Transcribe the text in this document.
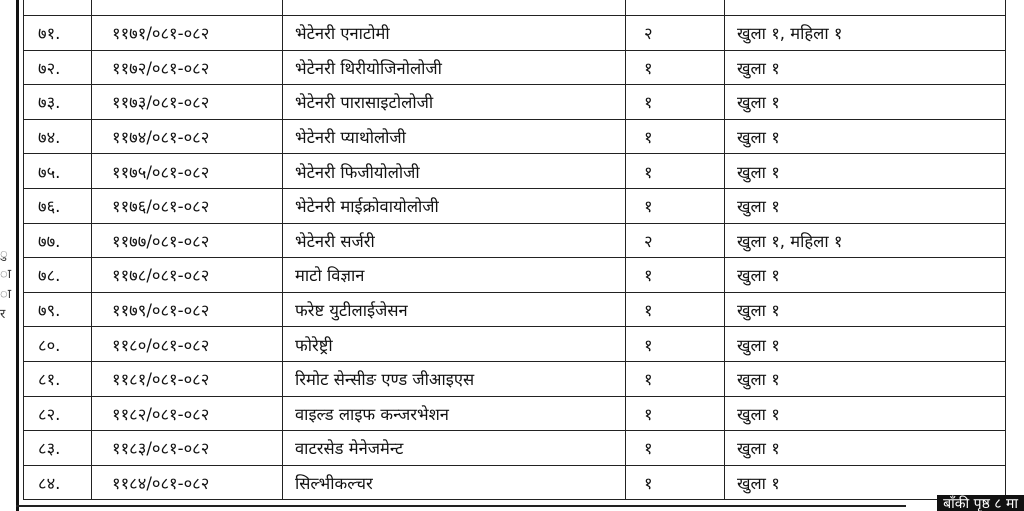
ु
ा
ा
र

७१.	११७१/०८१-०८२	भेटेनरी एनाटोमी	२	खुला १, महिला १
७२.	११७२/०८१-०८२	भेटेनरी थिरीयोजिनोलोजी	१	खुला १
७३.	११७३/०८१-०८२	भेटेनरी पारासाइटोलोजी	१	खुला १
७४.	११७४/०८१-०८२	भेटेनरी प्याथोलोजी	१	खुला १
७५.	११७५/०८१-०८२	भेटेनरी फिजीयोलोजी	१	खुला १
७६.	११७६/०८१-०८२	भेटेनरी माईक्रोवायोलोजी	१	खुला १
७७.	११७७/०८१-०८२	भेटेनरी सर्जरी	२	खुला १, महिला १
७८.	११७८/०८१-०८२	माटो विज्ञान	१	खुला १
७९.	११७९/०८१-०८२	फरेष्ट युटीलाईजेसन	१	खुला १
८०.	११८०/०८१-०८२	फोरेष्ट्री	१	खुला १
८१.	११८१/०८१-०८२	रिमोट सेन्सीङ एण्ड जीआइएस	१	खुला १
८२.	११८२/०८१-०८२	वाइल्ड लाइफ कन्जरभेशन	१	खुला १
८३.	११८३/०८१-०८२	वाटरसेड मेनेजमेन्ट	१	खुला १
८४.	११८४/०८१-०८२	सिल्भीकल्चर	१	खुला १
बाँकी पृष्ठ ८ मा
